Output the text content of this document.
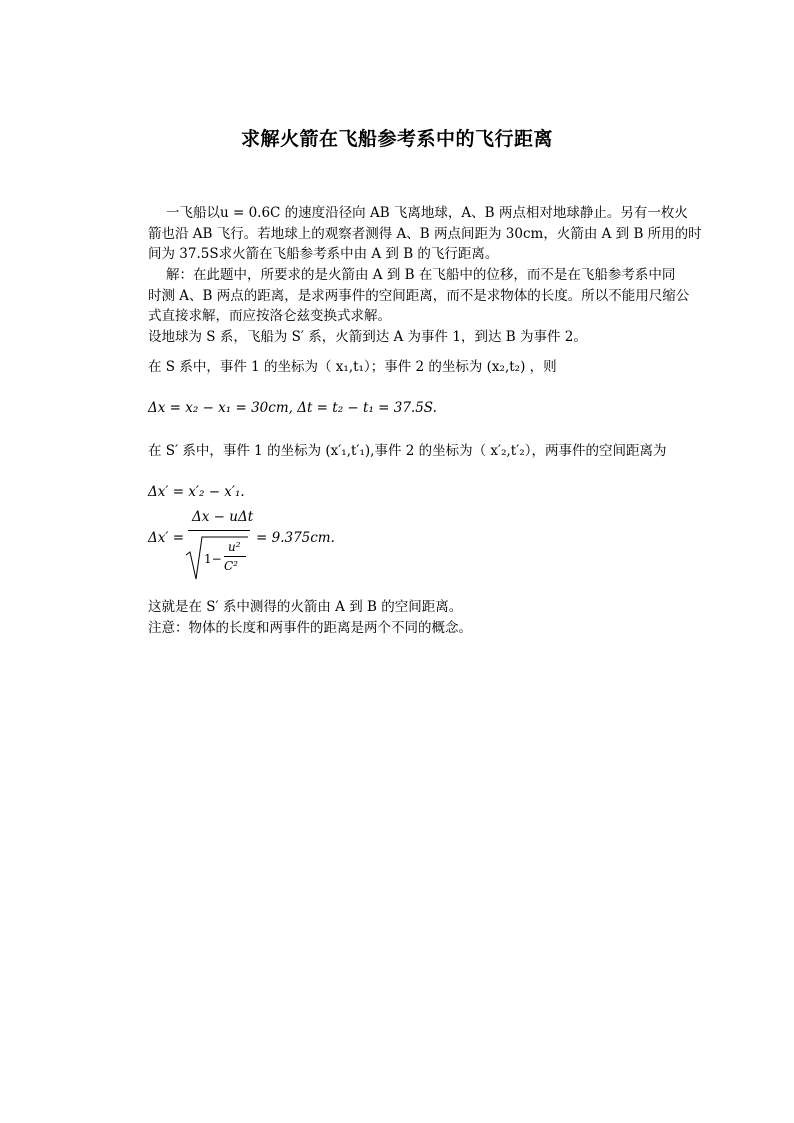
求解火箭在飞船参考系中的飞行距离
一飞船以u = 0.6C 的速度沿径向 AB 飞离地球，A、B 两点相对地球静止。另有一枚火
箭也沿 AB 飞行。若地球上的观察者测得 A、B 两点间距为 30cm，火箭由 A 到 B 所用的时
间为 37.5S求火箭在飞船参考系中由 A 到 B 的飞行距离。
解：在此题中，所要求的是火箭由 A 到 B 在飞船中的位移，而不是在飞船参考系中同
时测 A、B 两点的距离，是求两事件的空间距离，而不是求物体的长度。所以不能用尺缩公
式直接求解，而应按洛仑兹变换式求解。
设地球为 S 系，飞船为 S′ 系，火箭到达 A 为事件 1，到达 B 为事件 2。
在 S 系中，事件 1 的坐标为（ x₁,t₁）；事件 2 的坐标为 (x₂,t₂) ，则
Δx = x₂ − x₁ = 30cm, Δt = t₂ − t₁ = 37.5S.
在 S′ 系中，事件 1 的坐标为 (x′₁,t′₁),事件 2 的坐标为（ x′₂,t′₂），两事件的空间距离为
Δx′ = x′₂ − x′₁.
Δx′ =
Δx − uΔt
1−
u²
C²
= 9.375cm.
这就是在 S′ 系中测得的火箭由 A 到 B 的空间距离。
注意：物体的长度和两事件的距离是两个不同的概念。
